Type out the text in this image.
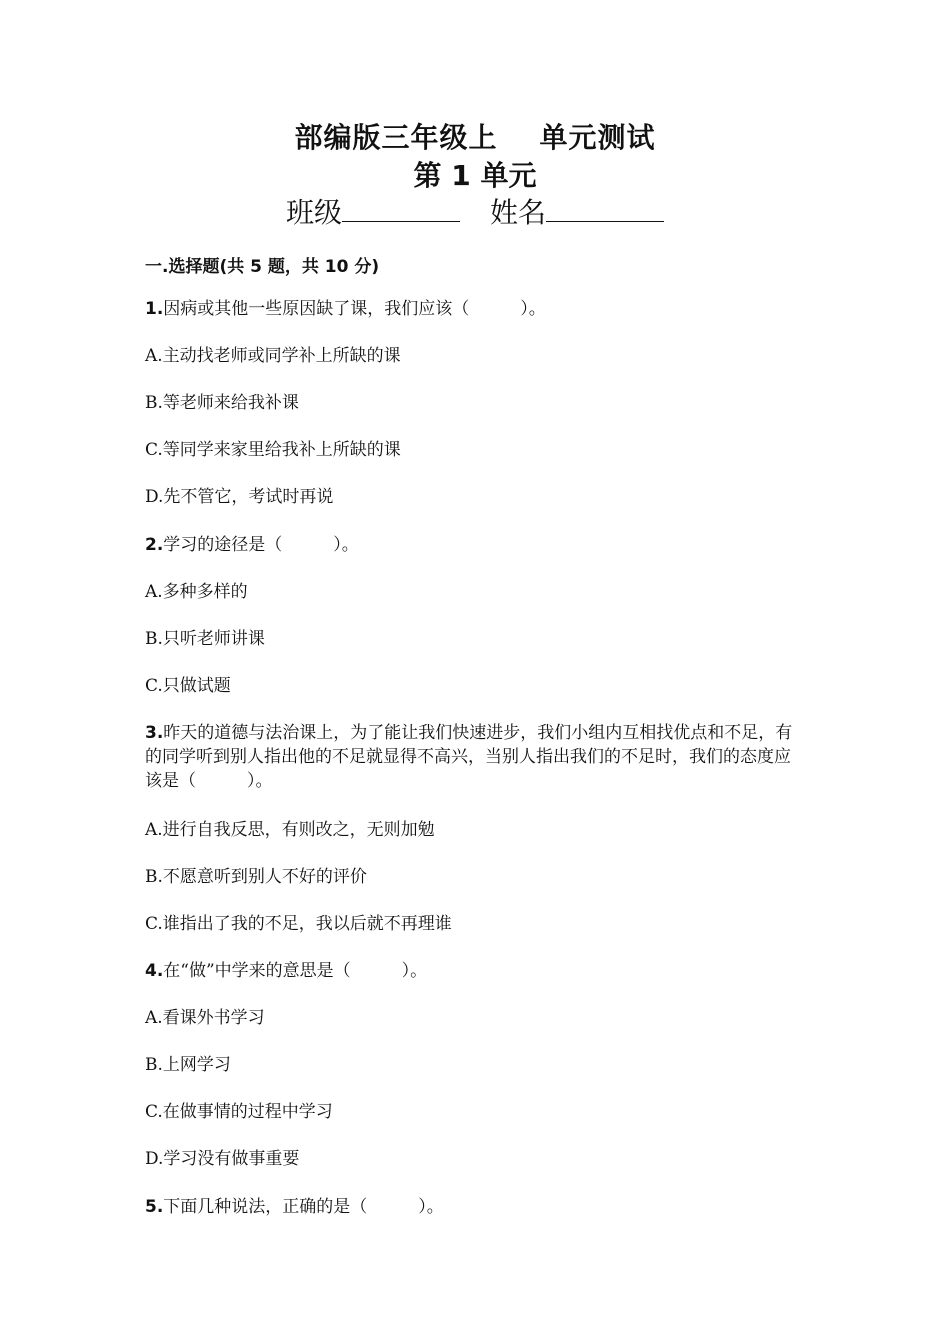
部编版三年级上 单元测试
第 1 单元
班级	姓名
一.选择题(共 5 题，共 10 分)
1.因病或其他一些原因缺了课，我们应该（　　　）。
A.主动找老师或同学补上所缺的课
B.等老师来给我补课
C.等同学来家里给我补上所缺的课
D.先不管它，考试时再说
2.学习的途径是（　　　）。
A.多种多样的
B.只听老师讲课
C.只做试题
3.昨天的道德与法治课上，为了能让我们快速进步，我们小组内互相找优点和不足，有的同学听到别人指出他的不足就显得不高兴，当别人指出我们的不足时，我们的态度应该是（　　　）。
A.进行自我反思，有则改之，无则加勉
B.不愿意听到别人不好的评价
C.谁指出了我的不足，我以后就不再理谁
4.在“做”中学来的意思是（　　　）。
A.看课外书学习
B.上网学习
C.在做事情的过程中学习
D.学习没有做事重要
5.下面几种说法，正确的是（　　　）。
